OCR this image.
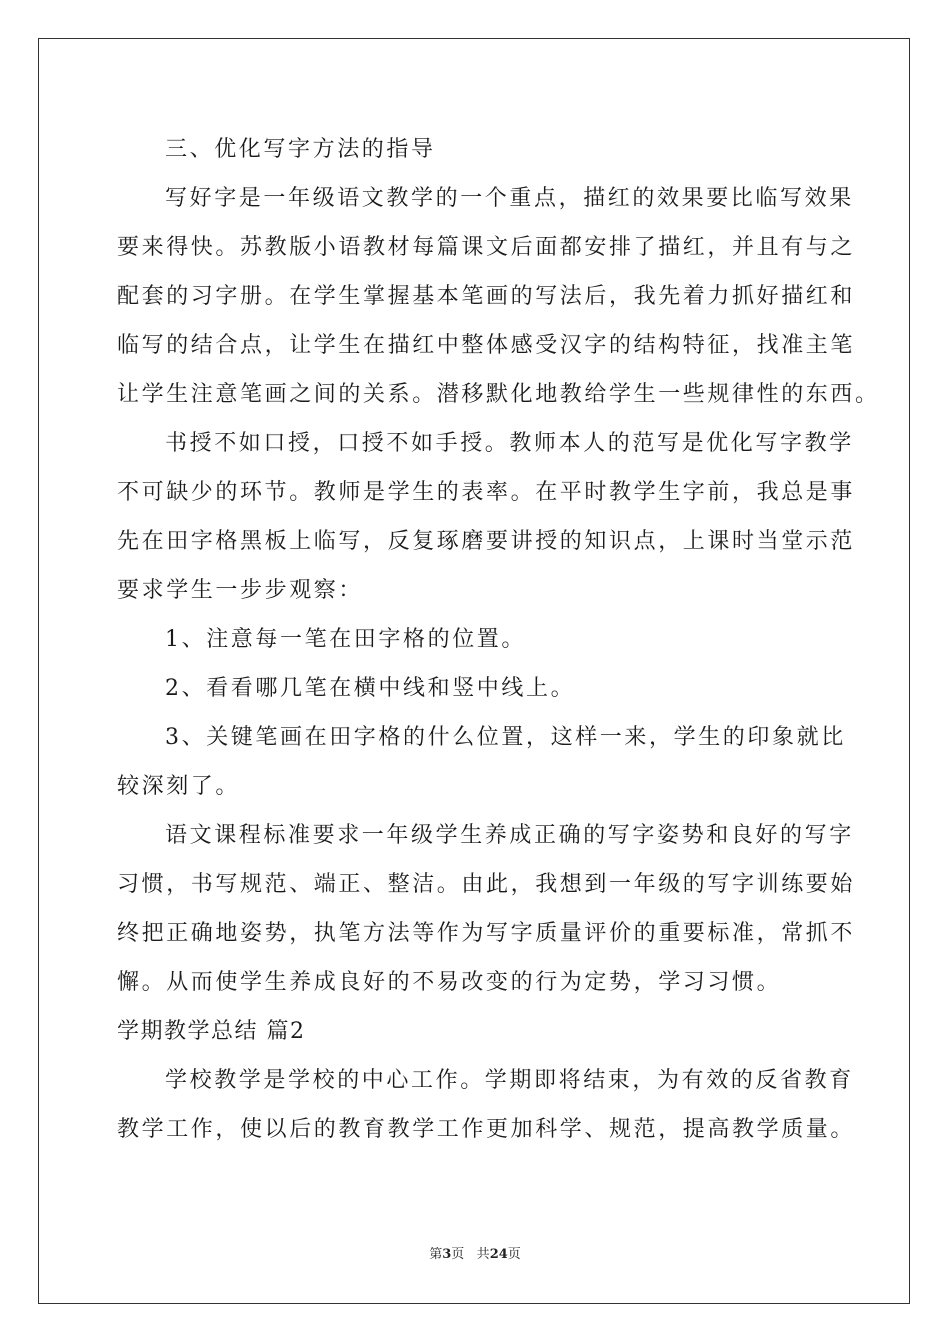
三、优化写字方法的指导
写好字是一年级语文教学的一个重点，描红的效果要比临写效果
要来得快。苏教版小语教材每篇课文后面都安排了描红，并且有与之
配套的习字册。在学生掌握基本笔画的写法后，我先着力抓好描红和
临写的结合点，让学生在描红中整体感受汉字的结构特征，找准主笔
让学生注意笔画之间的关系。潜移默化地教给学生一些规律性的东西。
书授不如口授，口授不如手授。教师本人的范写是优化写字教学
不可缺少的环节。教师是学生的表率。在平时教学生字前，我总是事
先在田字格黑板上临写，反复琢磨要讲授的知识点，上课时当堂示范
要求学生一步步观察：
1、注意每一笔在田字格的位置。
2、看看哪几笔在横中线和竖中线上。
3、关键笔画在田字格的什么位置，这样一来，学生的印象就比
较深刻了。
语文课程标准要求一年级学生养成正确的写字姿势和良好的写字
习惯，书写规范、端正、整洁。由此，我想到一年级的写字训练要始
终把正确地姿势，执笔方法等作为写字质量评价的重要标准，常抓不
懈。从而使学生养成良好的不易改变的行为定势，学习习惯。
学期教学总结 篇2
学校教学是学校的中心工作。学期即将结束，为有效的反省教育
教学工作，使以后的教育教学工作更加科学、规范，提高教学质量。
第3页 共24页
